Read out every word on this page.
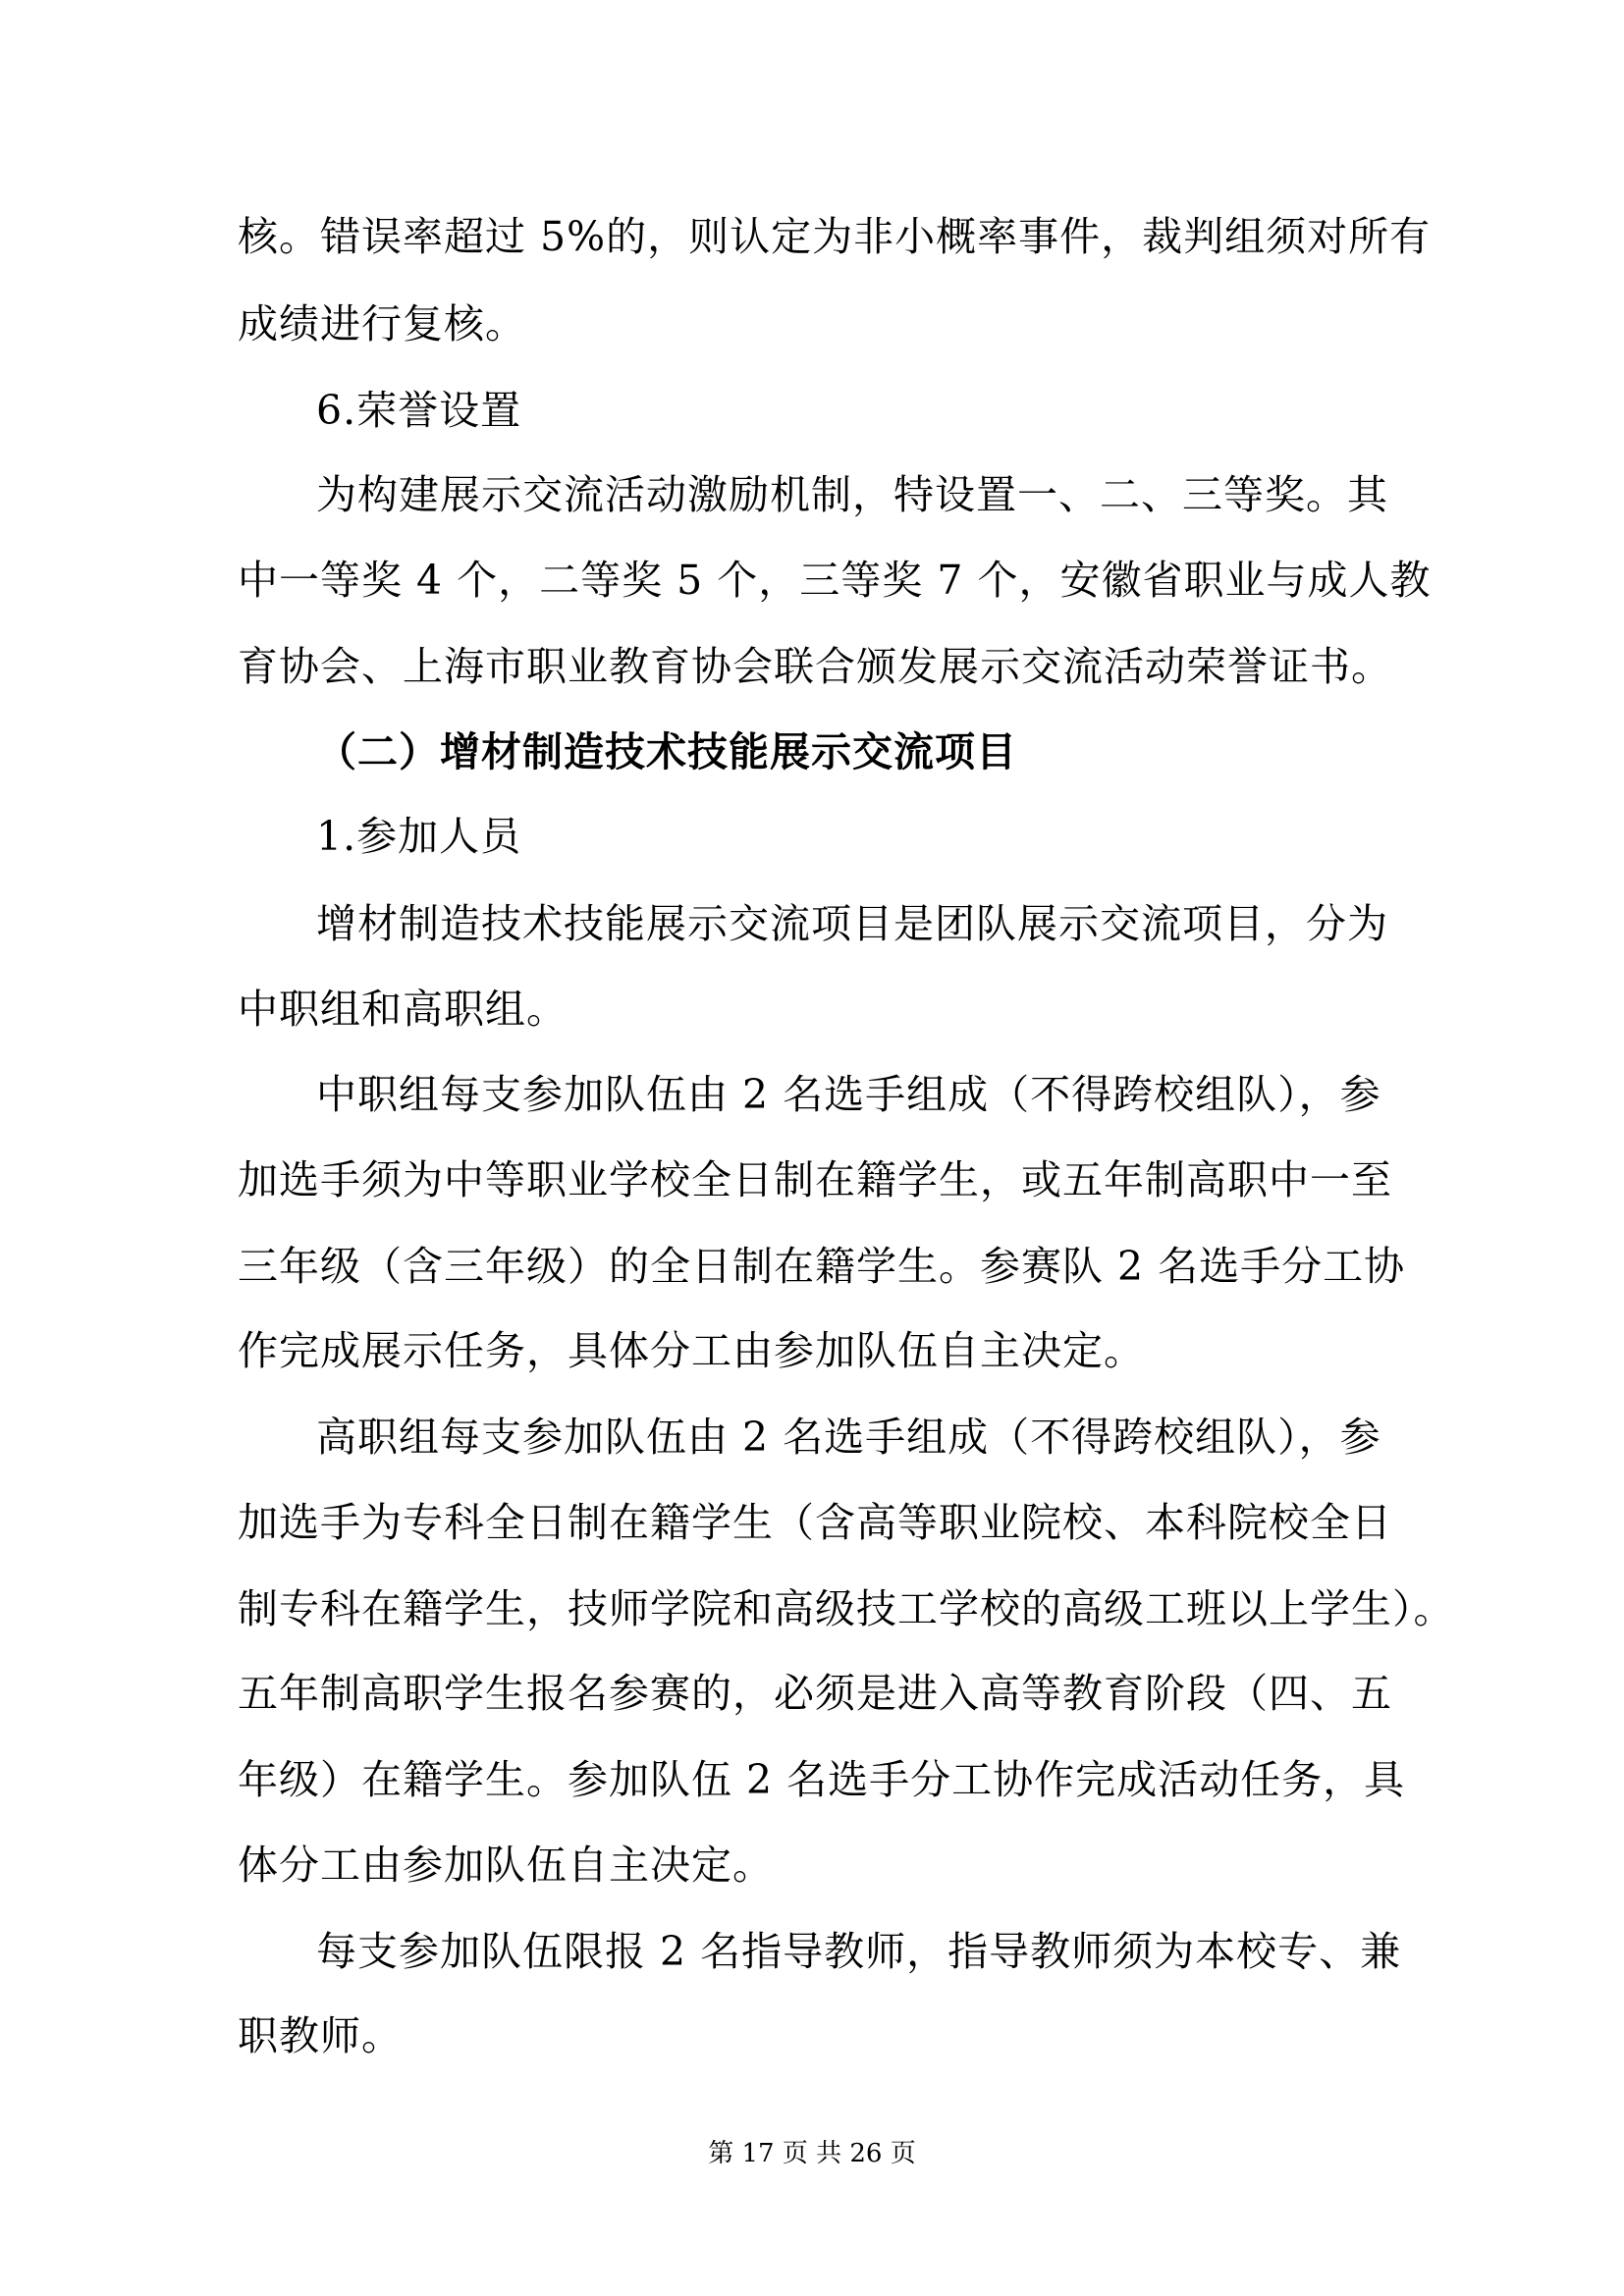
核。错误率超过 5%的，则认定为非小概率事件，裁判组须对所有
成绩进行复核。
6.荣誉设置
为构建展示交流活动激励机制，特设置一、二、三等奖。其
中一等奖 4 个，二等奖 5 个，三等奖 7 个，安徽省职业与成人教
育协会、上海市职业教育协会联合颁发展示交流活动荣誉证书。
（二）增材制造技术技能展示交流项目
1.参加人员
增材制造技术技能展示交流项目是团队展示交流项目，分为
中职组和高职组。
中职组每支参加队伍由 2 名选手组成（不得跨校组队），参
加选手须为中等职业学校全日制在籍学生，或五年制高职中一至
三年级（含三年级）的全日制在籍学生。参赛队 2 名选手分工协
作完成展示任务，具体分工由参加队伍自主决定。
高职组每支参加队伍由 2 名选手组成（不得跨校组队），参
加选手为专科全日制在籍学生（含高等职业院校、本科院校全日
制专科在籍学生，技师学院和高级技工学校的高级工班以上学生）。
五年制高职学生报名参赛的，必须是进入高等教育阶段（四、五
年级）在籍学生。参加队伍 2 名选手分工协作完成活动任务，具
体分工由参加队伍自主决定。
每支参加队伍限报 2 名指导教师，指导教师须为本校专、兼
职教师。
第 17 页 共 26 页
